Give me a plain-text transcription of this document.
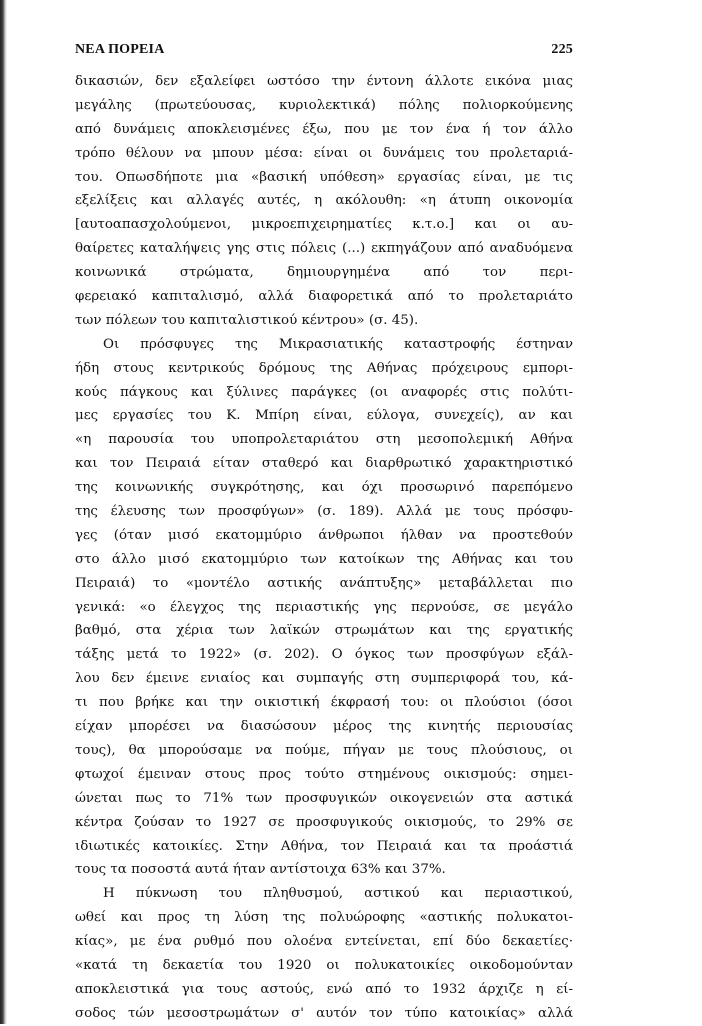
ΝΕΑ ΠΟΡΕΙΑ	225

δικασιών, δεν εξαλείφει ωστόσο την έντονη άλλοτε εικόνα μιας
μεγάλης (πρωτεύουσας, κυριολεκτικά) πόλης πολιορκούμενης
από δυνάμεις αποκλεισμένες έξω, που με τον ένα ή τον άλλο
τρόπο θέλουν να μπουν μέσα: είναι οι δυνάμεις του προλεταριά-
του. Οπωσδήποτε μια «βασική υπόθεση» εργασίας είναι, με τις
εξελίξεις και αλλαγές αυτές, η ακόλουθη: «η άτυπη οικονομία
[αυτοαπασχολούμενοι, μικροεπιχειρηματίες κ.τ.ο.] και οι αυ-
θαίρετες καταλήψεις γης στις πόλεις (...) εκπηγάζουν από αναδυόμενα
κοινωνικά στρώματα, δημιουργημένα από τον περι-
φερειακό καπιταλισμό, αλλά διαφορετικά από το προλεταριάτο
των πόλεων του καπιταλιστικού κέντρου» (σ. 45).

Οι πρόσφυγες της Μικρασιατικής καταστροφής έστηναν
ήδη στους κεντρικούς δρόμους της Αθήνας πρόχειρους εμπορι-
κούς πάγκους και ξύλινες παράγκες (οι αναφορές στις πολύτι-
μες εργασίες του Κ. Μπίρη είναι, εύλογα, συνεχείς), αν και
«η παρουσία του υποπρολεταριάτου στη μεσοπολεμική Αθήνα
και τον Πειραιά είταν σταθερό και διαρθρωτικό χαρακτηριστικό
της κοινωνικής συγκρότησης, και όχι προσωρινό παρεπόμενο
της έλευσης των προσφύγων» (σ. 189). Αλλά με τους πρόσφυ-
γες (όταν μισό εκατομμύριο άνθρωποι ήλθαν να προστεθούν
στο άλλο μισό εκατομμύριο των κατοίκων της Αθήνας και του
Πειραιά) το «μοντέλο αστικής ανάπτυξης» μεταβάλλεται πιο
γενικά: «ο έλεγχος της περιαστικής γης περνούσε, σε μεγάλο
βαθμό, στα χέρια των λαϊκών στρωμάτων και της εργατικής
τάξης μετά το 1922» (σ. 202). Ο όγκος των προσφύγων εξάλ-
λου δεν έμεινε ενιαίος και συμπαγής στη συμπεριφορά του, κά-
τι που βρήκε και την οικιστική έκφρασή του: οι πλούσιοι (όσοι
είχαν μπορέσει να διασώσουν μέρος της κινητής περιουσίας
τους), θα μπορούσαμε να πούμε, πήγαν με τους πλούσιους, οι
φτωχοί έμειναν στους προς τούτο στημένους οικισμούς: σημει-
ώνεται πως το 71% των προσφυγικών οικογενειών στα αστικά
κέντρα ζούσαν το 1927 σε προσφυγικούς οικισμούς, το 29% σε
ιδιωτικές κατοικίες. Στην Αθήνα, τον Πειραιά και τα προάστιά
τους τα ποσοστά αυτά ήταν αντίστοιχα 63% και 37%.

Η πύκνωση του πληθυσμού, αστικού και περιαστικού,
ωθεί και προς τη λύση της πολυώροφης «αστικής πολυκατοι-
κίας», με ένα ρυθμό που ολοένα εντείνεται, επί δύο δεκαετίες·
«κατά τη δεκαετία του 1920 οι πολυκατοικίες οικοδομούνταν
αποκλειστικά για τους αστούς, ενώ από το 1932 άρχιζε η εί-
σοδος τών μεσοστρωμάτων σ' αυτόν τον τύπο κατοικίας» αλλά
